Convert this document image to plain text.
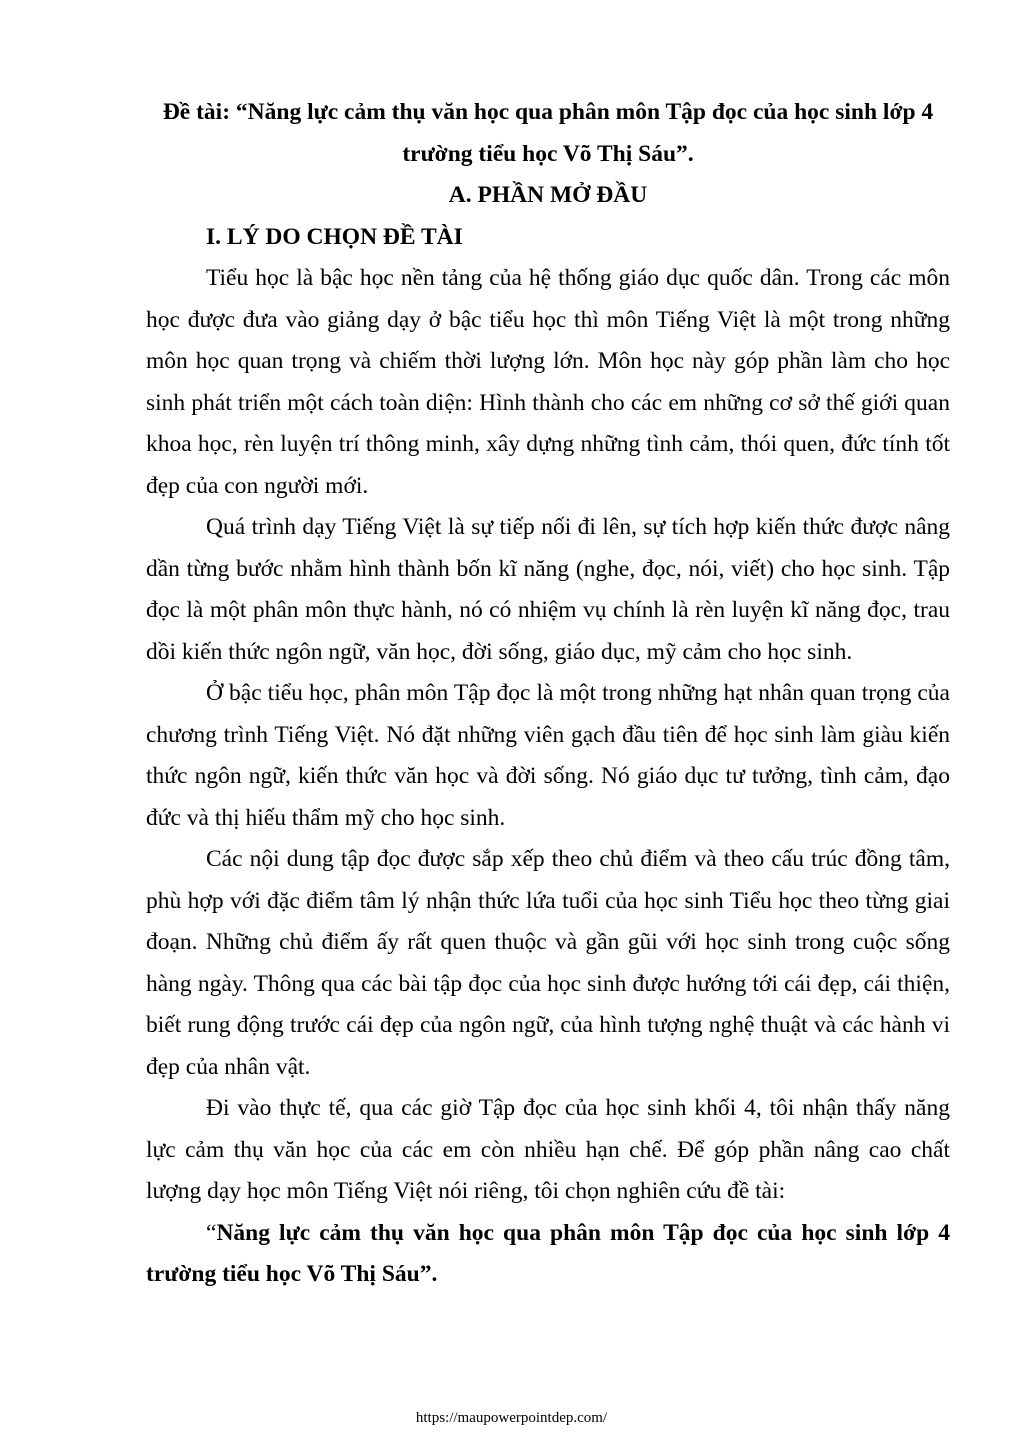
Đề tài: “Năng lực cảm thụ văn học qua phân môn Tập đọc của học sinh lớp 4 trường tiểu học Võ Thị Sáu”.

A. PHẦN MỞ ĐẦU

I. LÝ DO CHỌN ĐỀ TÀI

Tiểu học là bậc học nền tảng của hệ thống giáo dục quốc dân. Trong các môn học được đưa vào giảng dạy ở bậc tiểu học thì môn Tiếng Việt là một trong những môn học quan trọng và chiếm thời lượng lớn. Môn học này góp phần làm cho học sinh phát triển một cách toàn diện: Hình thành cho các em những cơ sở thế giới quan khoa học, rèn luyện trí thông minh, xây dựng những tình cảm, thói quen, đức tính tốt đẹp của con người mới.

Quá trình dạy Tiếng Việt là sự tiếp nối đi lên, sự tích hợp kiến thức được nâng dần từng bước nhằm hình thành bốn kĩ năng (nghe, đọc, nói, viết) cho học sinh. Tập đọc là một phân môn thực hành, nó có nhiệm vụ chính là rèn luyện kĩ năng đọc, trau dồi kiến thức ngôn ngữ, văn học, đời sống, giáo dục, mỹ cảm cho học sinh.

Ở bậc tiểu học, phân môn Tập đọc là một trong những hạt nhân quan trọng của chương trình Tiếng Việt. Nó đặt những viên gạch đầu tiên để học sinh làm giàu kiến thức ngôn ngữ, kiến thức văn học và đời sống. Nó giáo dục tư tưởng, tình cảm, đạo đức và thị hiếu thẩm mỹ cho học sinh.

Các nội dung tập đọc được sắp xếp theo chủ điểm và theo cấu trúc đồng tâm, phù hợp với đặc điểm tâm lý nhận thức lứa tuổi của học sinh Tiểu học theo từng giai đoạn. Những chủ điểm ấy rất quen thuộc và gần gũi với học sinh trong cuộc sống hàng ngày. Thông qua các bài tập đọc của học sinh được hướng tới cái đẹp, cái thiện, biết rung động trước cái đẹp của ngôn ngữ, của hình tượng nghệ thuật và các hành vi đẹp của nhân vật.

Đi vào thực tế, qua các giờ Tập đọc của học sinh khối 4, tôi nhận thấy năng lực cảm thụ văn học của các em còn nhiều hạn chế. Để góp phần nâng cao chất lượng dạy học môn Tiếng Việt nói riêng, tôi chọn nghiên cứu đề tài:

“Năng lực cảm thụ văn học qua phân môn Tập đọc của học sinh lớp 4 trường tiểu học Võ Thị Sáu”.

https://maupowerpointdep.com/
